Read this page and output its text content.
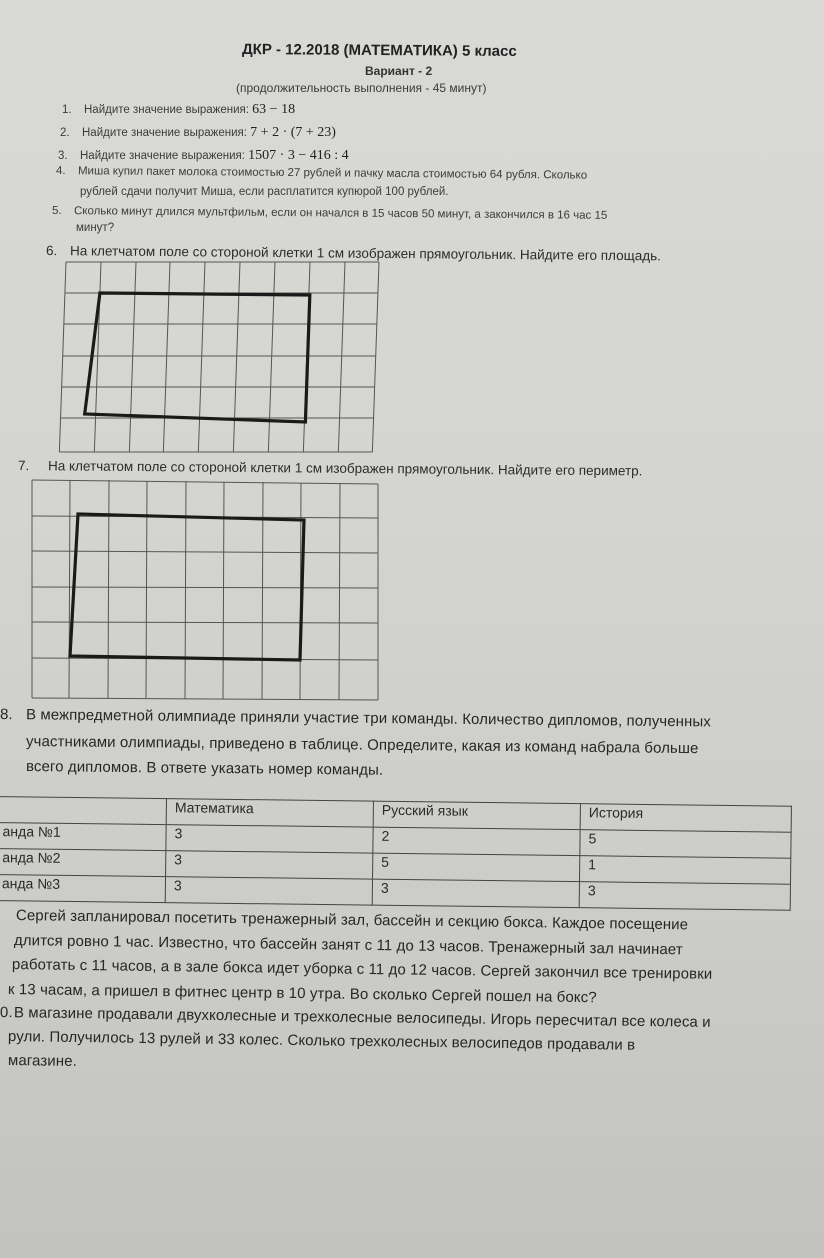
ДКР - 12.2018 (МАТЕМАТИКА) 5 класс
Вариант - 2
(продолжительность выполнения - 45 минут)
1. Найдите значение выражения: 63 − 18
2. Найдите значение выражения: 7 + 2 · (7 + 23)
3. Найдите значение выражения: 1507 · 3 − 416 : 4
4. Миша купил пакет молока стоимостью 27 рублей и пачку масла стоимостью 64 рубля. Сколько
рублей сдачи получит Миша, если расплатится купюрой 100 рублей.
5. Сколько минут длился мультфильм, если он начался в 15 часов 50 минут, а закончился в 16 час 15
минут?
6. На клетчатом поле со стороной клетки 1 см изображен прямоугольник. Найдите его площадь.
7. На клетчатом поле со стороной клетки 1 см изображен прямоугольник. Найдите его периметр.
8. В межпредметной олимпиаде приняли участие три команды. Количество дипломов, полученных
участниками олимпиады, приведено в таблице. Определите, какая из команд набрала больше
всего дипломов. В ответе указать номер команды.
	Математика	Русский язык	История
анда №1	3	2	5
анда №2	3	5	1
анда №3	3	3	3
Сергей запланировал посетить тренажерный зал, бассейн и секцию бокса. Каждое посещение
длится ровно 1 час. Известно, что бассейн занят с 11 до 13 часов. Тренажерный зал начинает
работать с 11 часов, а в зале бокса идет уборка с 11 до 12 часов. Сергей закончил все тренировки
к 13 часам, а пришел в фитнес центр в 10 утра. Во сколько Сергей пошел на бокс?
0.В магазине продавали двухколесные и трехколесные велосипеды. Игорь пересчитал все колеса и
рули. Получилось 13 рулей и 33 колес. Сколько трехколесных велосипедов продавали в
магазине.
